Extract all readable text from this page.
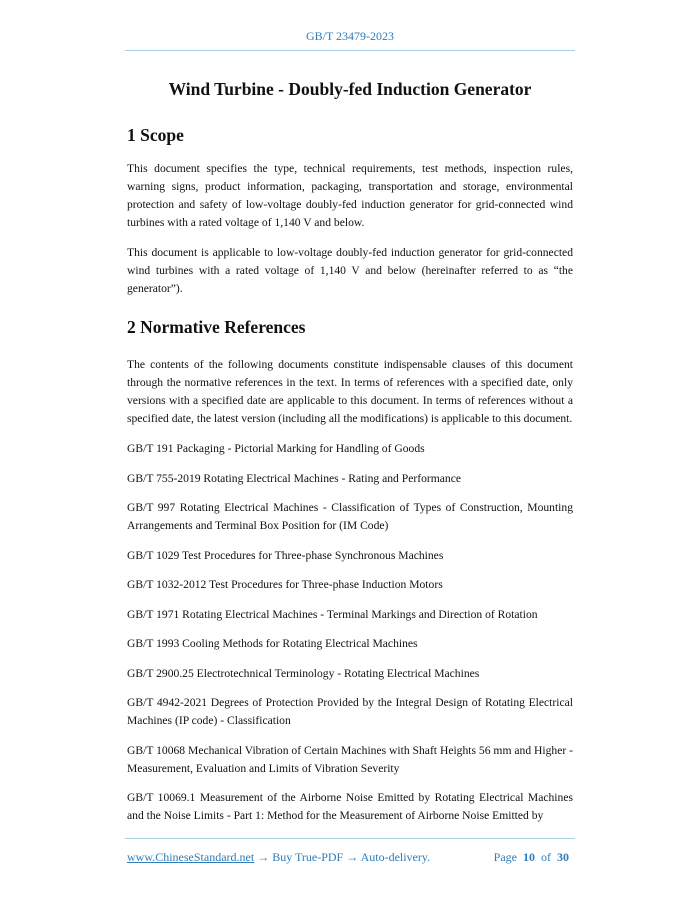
GB/T 23479-2023
Wind Turbine - Doubly-fed Induction Generator
1 Scope

This document specifies the type, technical requirements, test methods, inspection rules, warning signs, product information, packaging, transportation and storage, environmental protection and safety of low-voltage doubly-fed induction generator for grid-connected wind turbines with a rated voltage of 1,140 V and below.

This document is applicable to low-voltage doubly-fed induction generator for grid-connected wind turbines with a rated voltage of 1,140 V and below (hereinafter referred to as “the generator”).

2 Normative References

The contents of the following documents constitute indispensable clauses of this document through the normative references in the text. In terms of references with a specified date, only versions with a specified date are applicable to this document. In terms of references without a specified date, the latest version (including all the modifications) is applicable to this document.

GB/T 191 Packaging - Pictorial Marking for Handling of Goods

GB/T 755-2019 Rotating Electrical Machines - Rating and Performance

GB/T 997 Rotating Electrical Machines - Classification of Types of Construction, Mounting Arrangements and Terminal Box Position for (IM Code)

GB/T 1029 Test Procedures for Three-phase Synchronous Machines

GB/T 1032-2012 Test Procedures for Three-phase Induction Motors

GB/T 1971 Rotating Electrical Machines - Terminal Markings and Direction of Rotation

GB/T 1993 Cooling Methods for Rotating Electrical Machines

GB/T 2900.25 Electrotechnical Terminology - Rotating Electrical Machines

GB/T 4942-2021 Degrees of Protection Provided by the Integral Design of Rotating Electrical Machines (IP code) - Classification

GB/T 10068 Mechanical Vibration of Certain Machines with Shaft Heights 56 mm and Higher - Measurement, Evaluation and Limits of Vibration Severity

GB/T 10069.1 Measurement of the Airborne Noise Emitted by Rotating Electrical Machines and the Noise Limits - Part 1: Method for the Measurement of Airborne Noise Emitted by

www.ChineseStandard.net → Buy True-PDF → Auto-delivery.	Page 10 of 30
